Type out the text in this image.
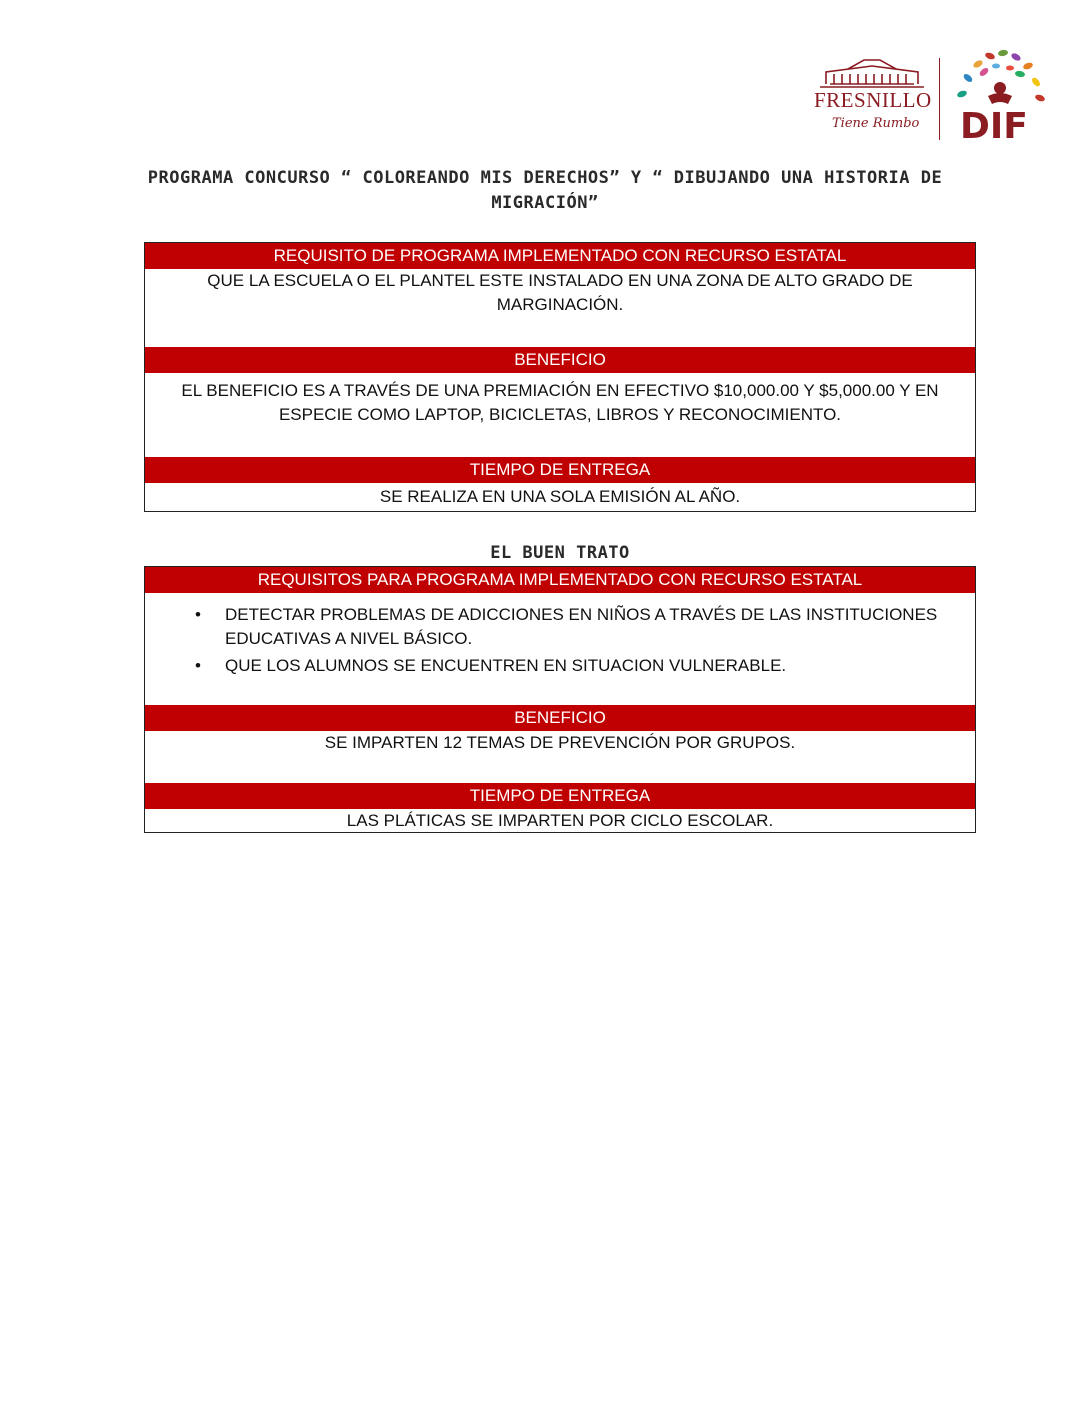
FRESNILLO
Tiene Rumbo DIF
PROGRAMA CONCURSO “ COLOREANDO MIS DERECHOS” Y “ DIBUJANDO UNA HISTORIA DE MIGRACIÓN”
REQUISITO DE PROGRAMA IMPLEMENTADO CON RECURSO ESTATAL
QUE LA ESCUELA O EL PLANTEL ESTE INSTALADO EN UNA ZONA DE ALTO GRADO DE MARGINACIÓN.
BENEFICIO
EL BENEFICIO ES A TRAVÉS DE UNA PREMIACIÓN EN EFECTIVO $10,000.00 Y $5,000.00 Y EN ESPECIE COMO LAPTOP, BICICLETAS, LIBROS Y RECONOCIMIENTO.
TIEMPO DE ENTREGA
SE REALIZA EN UNA SOLA EMISIÓN AL AÑO.
EL BUEN TRATO
REQUISITOS PARA PROGRAMA IMPLEMENTADO CON RECURSO ESTATAL
• DETECTAR PROBLEMAS DE ADICCIONES EN NIÑOS A TRAVÉS DE LAS INSTITUCIONES EDUCATIVAS A NIVEL BÁSICO.
• QUE LOS ALUMNOS SE ENCUENTREN EN SITUACION VULNERABLE.
BENEFICIO
SE IMPARTEN 12 TEMAS DE PREVENCIÓN POR GRUPOS.
TIEMPO DE ENTREGA
LAS PLÁTICAS SE IMPARTEN POR CICLO ESCOLAR.
